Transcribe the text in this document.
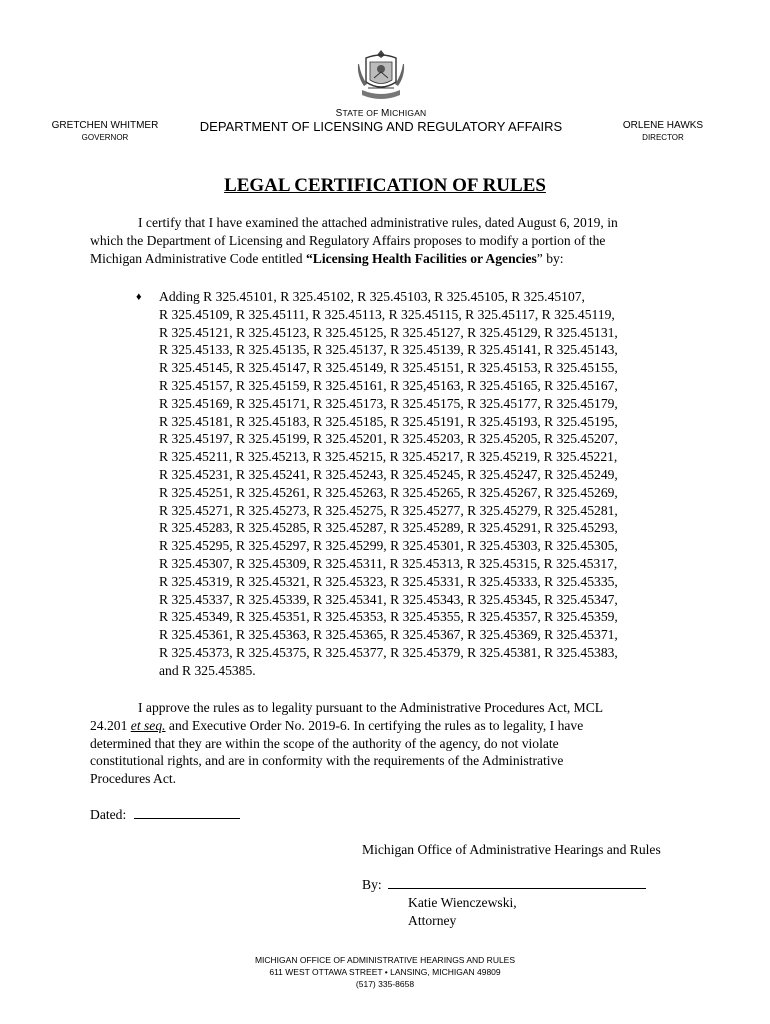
STATE OF MICHIGAN
DEPARTMENT OF LICENSING AND REGULATORY AFFAIRS
GRETCHEN WHITMER
GOVERNOR
ORLENE HAWKS
DIRECTOR
LEGAL CERTIFICATION OF RULES
I certify that I have examined the attached administrative rules, dated August 6, 2019, in
which the Department of Licensing and Regulatory Affairs proposes to modify a portion of the
Michigan Administrative Code entitled “Licensing Health Facilities or Agencies” by:
♦ Adding R 325.45101, R 325.45102, R 325.45103, R 325.45105, R 325.45107,
R 325.45109, R 325.45111, R 325.45113, R 325.45115, R 325.45117, R 325.45119,
R 325.45121, R 325.45123, R 325.45125, R 325.45127, R 325.45129, R 325.45131,
R 325.45133, R 325.45135, R 325.45137, R 325.45139, R 325.45141, R 325.45143,
R 325.45145, R 325.45147, R 325.45149, R 325.45151, R 325.45153, R 325.45155,
R 325.45157, R 325.45159, R 325.45161, R 325,45163, R 325.45165, R 325.45167,
R 325.45169, R 325.45171, R 325.45173, R 325.45175, R 325.45177, R 325.45179,
R 325.45181, R 325.45183, R 325.45185, R 325.45191, R 325.45193, R 325.45195,
R 325.45197, R 325.45199, R 325.45201, R 325.45203, R 325.45205, R 325.45207,
R 325.45211, R 325.45213, R 325.45215, R 325.45217, R 325.45219, R 325.45221,
R 325.45231, R 325.45241, R 325.45243, R 325.45245, R 325.45247, R 325.45249,
R 325.45251, R 325.45261, R 325.45263, R 325.45265, R 325.45267, R 325.45269,
R 325.45271, R 325.45273, R 325.45275, R 325.45277, R 325.45279, R 325.45281,
R 325.45283, R 325.45285, R 325.45287, R 325.45289, R 325.45291, R 325.45293,
R 325.45295, R 325.45297, R 325.45299, R 325.45301, R 325.45303, R 325.45305,
R 325.45307, R 325.45309, R 325.45311, R 325.45313, R 325.45315, R 325.45317,
R 325.45319, R 325.45321, R 325.45323, R 325.45331, R 325.45333, R 325.45335,
R 325.45337, R 325.45339, R 325.45341, R 325.45343, R 325.45345, R 325.45347,
R 325.45349, R 325.45351, R 325.45353, R 325.45355, R 325.45357, R 325.45359,
R 325.45361, R 325.45363, R 325.45365, R 325.45367, R 325.45369, R 325.45371,
R 325.45373, R 325.45375, R 325.45377, R 325.45379, R 325.45381, R 325.45383,
and R 325.45385.
I approve the rules as to legality pursuant to the Administrative Procedures Act, MCL
24.201 et seq. and Executive Order No. 2019-6. In certifying the rules as to legality, I have
determined that they are within the scope of the authority of the agency, do not violate
constitutional rights, and are in conformity with the requirements of the Administrative
Procedures Act.
Dated:
Michigan Office of Administrative Hearings and Rules
By:
Katie Wienczewski,
Attorney
MICHIGAN OFFICE OF ADMINISTRATIVE HEARINGS AND RULES
611 WEST OTTAWA STREET • LANSING, MICHIGAN 49809
(517) 335-8658
